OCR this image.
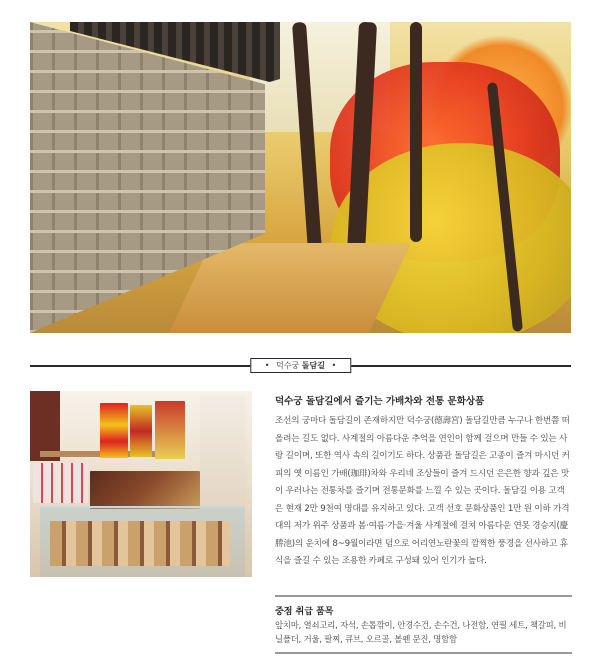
• 덕수궁 돌담길 •
덕수궁 돌담길에서 즐기는 가배차와 전통 문화상품

조선의 궁마다 돌담길이 존재하지만 덕수궁(德壽宮) 돌담길만큼 누구나 한번쯤 떠올려는 길도 없다. 사계절의 아름다운 추억을 연인이 함께 걸으며 만들 수 있는 사랑 길이며, 또한 역사 속의 길이기도 하다. 상품관 돌담길은 고종이 즐겨 마시던 커피의 옛 이름인 가배(珈琲)차와 우리네 조상들이 즐겨 드시던 은은한 향과 깊은 맛이 우러나는 전통차를 즐기며 전통문화를 느낄 수 있는 곳이다. 돌담길 이용 고객은 현재 2만 9천여 명대를 유지하고 있다. 고객 선호 문화상품인 1만 원 이하 가격대의 저가 위주 상품과 봄·여름·가을·겨울 사계절에 걸쳐 아름다운 연못 경승지(慶勝池)의 운치에 8~9월이라면 덤으로 어리연노란꽃의 깜찍한 풍경을 선사하고 휴식을 즐길 수 있는 조용한 카페로 구성돼 있어 인기가 높다.

중점 취급 품목
앞치마, 열쇠고리, 자석, 손톱깎이, 안경수건, 손수건, 나전함, 연필 세트, 책갈피, 비닐폴더, 거울, 팔찌, 큐브, 오르골, 볼펜 문진, 명함함
